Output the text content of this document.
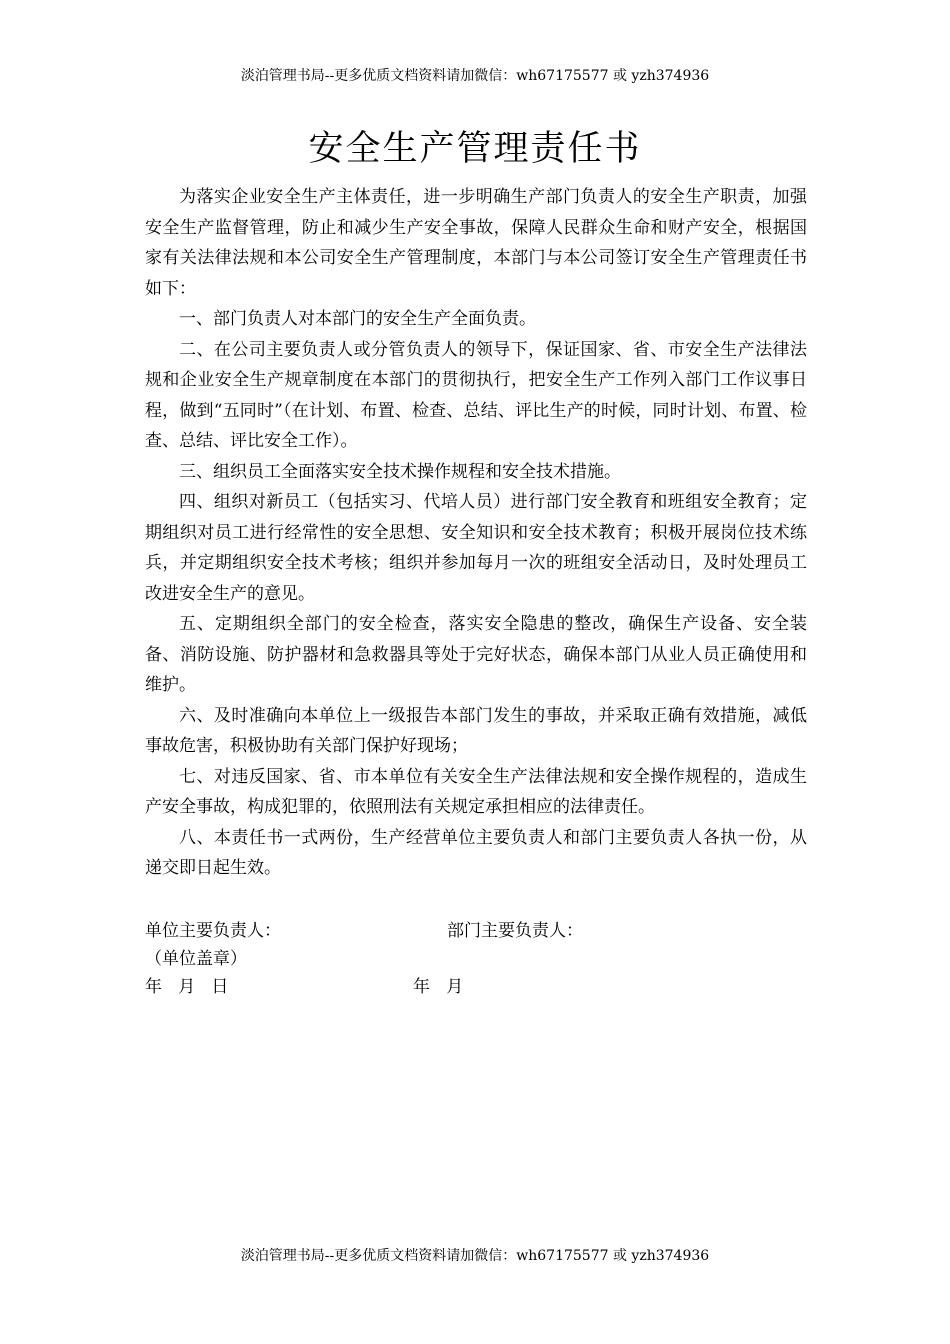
淡泊管理书局--更多优质文档资料请加微信：wh67175577 或 yzh374936
安全生产管理责任书

为落实企业安全生产主体责任，进一步明确生产部门负责人的安全生产职责，加强安全生产监督管理，防止和减少生产安全事故，保障人民群众生命和财产安全，根据国家有关法律法规和本公司安全生产管理制度，本部门与本公司签订安全生产管理责任书如下：

一、部门负责人对本部门的安全生产全面负责。

二、在公司主要负责人或分管负责人的领导下，保证国家、省、市安全生产法律法规和企业安全生产规章制度在本部门的贯彻执行，把安全生产工作列入部门工作议事日程，做到“五同时”（在计划、布置、检查、总结、评比生产的时候，同时计划、布置、检查、总结、评比安全工作）。

三、组织员工全面落实安全技术操作规程和安全技术措施。

四、组织对新员工（包括实习、代培人员）进行部门安全教育和班组安全教育；定期组织对员工进行经常性的安全思想、安全知识和安全技术教育；积极开展岗位技术练兵，并定期组织安全技术考核；组织并参加每月一次的班组安全活动日，及时处理员工改进安全生产的意见。

五、定期组织全部门的安全检查，落实安全隐患的整改，确保生产设备、安全装备、消防设施、防护器材和急救器具等处于完好状态，确保本部门从业人员正确使用和维护。

六、及时准确向本单位上一级报告本部门发生的事故，并采取正确有效措施，减低事故危害，积极协助有关部门保护好现场；

七、对违反国家、省、市本单位有关安全生产法律法规和安全操作规程的，造成生产安全事故，构成犯罪的，依照刑法有关规定承担相应的法律责任。

八、本责任书一式两份，生产经营单位主要负责人和部门主要负责人各执一份，从递交即日起生效。

单位主要负责人：	部门主要负责人：
（单位盖章）
年   月   日	年   月
淡泊管理书局--更多优质文档资料请加微信：wh67175577 或 yzh374936
